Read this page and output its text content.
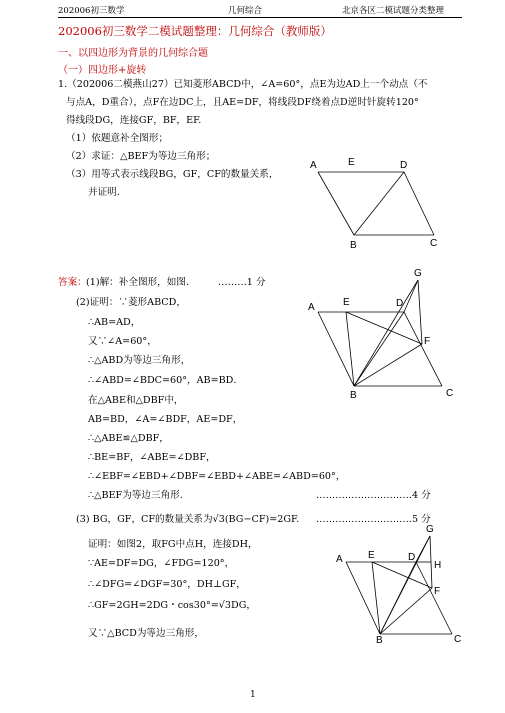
202006初三数学	几何综合	北京各区二模试题分类整理
202006初三数学二模试题整理：几何综合（教师版）
一、以四边形为背景的几何综合题
（一）四边形+旋转
1.（202006二模燕山27）已知菱形ABCD中，∠A=60°，点E为边AD上一个动点（不
与点A，D重合），点F在边DC上，且AE=DF，将线段DF绕着点D逆时针旋转120°
得线段DG，连接GF，BF，EF.
（1）依题意补全图形；
（2）求证：△BEF为等边三角形；
（3）用等式表示线段BG，GF，CF的数量关系，
并证明.
A	E	D
B	C
答案： (1)解：补全图形，如图.	………1 分
(2)证明：∵菱形ABCD，
∴AB=AD，
又∵∠A=60°，
∴△ABD为等边三角形，
∴∠ABD=∠BDC=60°，AB=BD．
在△ABE和△DBF中，
AB=BD，∠A=∠BDF，AE=DF，
∴△ABE≌△DBF，
∴BE=BF，∠ABE=∠DBF，
∴∠EBF=∠EBD+∠DBF=∠EBD+∠ABE=∠ABD=60°，
∴△BEF为等边三角形.	…………………………4 分
(3) BG，GF，CF的数量关系为√3(BG−CF)=2GF. …………………………5 分
证明：如图2，取FG中点H，连接DH，
∵AE=DF=DG，∠FDG=120°，
∴∠DFG=∠DGF=30°，DH⊥GF，
∴GF=2GH=2DG・cos30°=√3DG，
又∵△BCD为等边三角形，
A	E	D
G
F
B	C
A	E	D
G
H
F
B	C
1
